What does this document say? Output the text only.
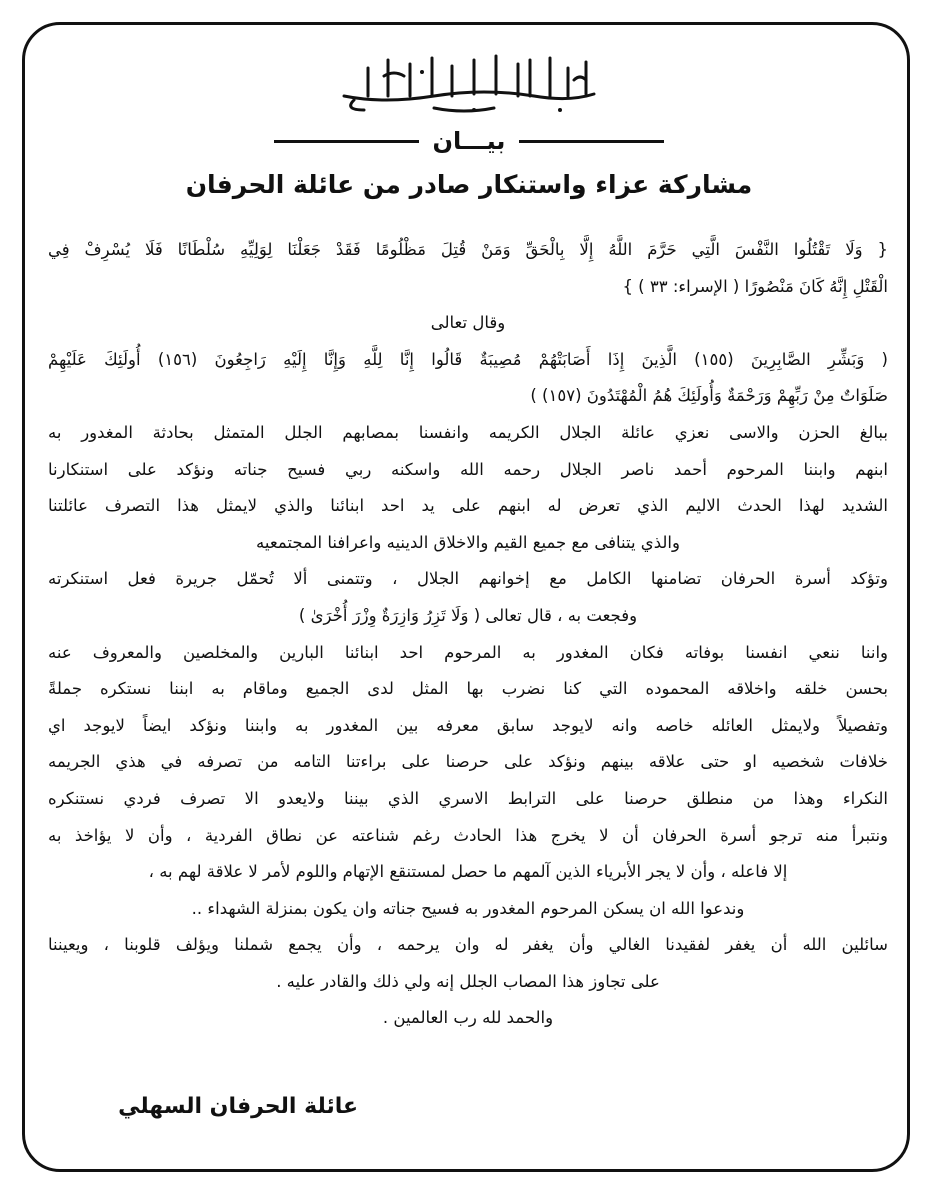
بيـــان
مشاركة عزاء واستنكار صادر من عائلة الحرفان

{ وَلَا تَقْتُلُوا النَّفْسَ الَّتِي حَرَّمَ اللَّهُ إِلَّا بِالْحَقِّ وَمَنْ قُتِلَ مَظْلُومًا فَقَدْ جَعَلْنَا لِوَلِيِّهِ سُلْطَانًا فَلَا يُسْرِفْ فِي

الْقَتْلِ إِنَّهُ كَانَ مَنْصُورًا ( الإسراء: ٣٣ ) }

وقال تعالى

( وَبَشِّرِ الصَّابِرِينَ (١٥٥) الَّذِينَ إِذَا أَصَابَتْهُمْ مُصِيبَةٌ قَالُوا إِنَّا لِلَّهِ وَإِنَّا إِلَيْهِ رَاجِعُونَ (١٥٦) أُولَئِكَ عَلَيْهِمْ

صَلَوَاتٌ مِنْ رَبِّهِمْ وَرَحْمَةٌ وَأُولَئِكَ هُمُ الْمُهْتَدُونَ (١٥٧) )

ببالغ الحزن والاسى نعزي عائلة الجلال الكريمه وانفسنا بمصابهم الجلل المتمثل بحادثة المغدور به

ابنهم وابننا المرحوم أحمد ناصر الجلال رحمه الله واسكنه ربي فسيح جناته ونؤكد على استنكارنا

الشديد لهذا الحدث الاليم الذي تعرض له ابنهم على يد احد ابنائنا والذي لايمثل هذا التصرف عائلتنا

والذي يتنافى مع جميع القيم والاخلاق الدينيه واعرافنا المجتمعيه

وتؤكد أسرة الحرفان تضامنها الكامل مع إخوانهم الجلال ، وتتمنى ألا تُحمّل جريرة فعل استنكرته

وفجعت به ، قال تعالى ( وَلَا تَزِرُ وَازِرَةٌ وِزْرَ أُخْرَىٰ )

واننا ننعي انفسنا بوفاته فكان المغدور به المرحوم احد ابنائنا البارين والمخلصين والمعروف عنه

بحسن خلقه واخلاقه المحموده التي كنا نضرب بها المثل لدى الجميع وماقام به ابننا نستكره جملةً

وتفصيلاً ولايمثل العائله خاصه وانه لايوجد سابق معرفه بين المغدور به وابننا ونؤكد ايضاً لايوجد اي

خلافات شخصيه او حتى علاقه بينهم ونؤكد على حرصنا على براءتنا التامه من تصرفه في هذي الجريمه

النكراء وهذا من منطلق حرصنا على الترابط الاسري الذي بيننا ولايعدو الا تصرف فردي نستنكره

ونتبرأ منه ترجو أسرة الحرفان أن لا يخرج هذا الحادث رغم شناعته عن نطاق الفردية ، وأن لا يؤاخذ به

إلا فاعله ، وأن لا يجر الأبرياء الذين آلمهم ما حصل لمستنقع الإتهام واللوم لأمر لا علاقة لهم به ،

وندعوا الله ان يسكن المرحوم المغدور به فسيح جناته وان يكون بمنزلة الشهداء ..

سائلين الله أن يغفر لفقيدنا الغالي وأن يغفر له وان يرحمه ، وأن يجمع شملنا ويؤلف قلوبنا ، ويعيننا

على تجاوز هذا المصاب الجلل إنه ولي ذلك والقادر عليه .

والحمد لله رب العالمين .

عائلة الحرفان السهلي
